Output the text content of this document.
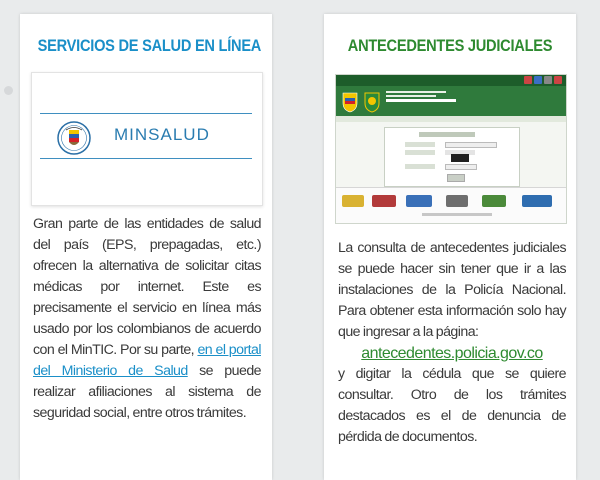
SERVICIOS DE SALUD EN LÍNEA
MINSALUD
Gran parte de las entidades de salud del país (EPS, prepagadas, etc.) ofrecen la alternativa de solicitar citas médicas por internet. Este es precisamente el servicio en línea más usado por los colombianos de acuerdo con el MinTIC. Por su parte, en el portal del Ministerio de Salud se puede realizar afiliaciones al sistema de seguridad social, entre otros trámites.
ANTECEDENTES JUDICIALES
La consulta de antecedentes judiciales se puede hacer sin tener que ir a las instalaciones de la Policía Nacional. Para obtener esta información solo hay que ingresar a la página:
antecedentes.policia.gov.co
y digitar la cédula que se quiere consultar. Otro de los trámites destacados es el de denuncia de pérdida de documentos.
